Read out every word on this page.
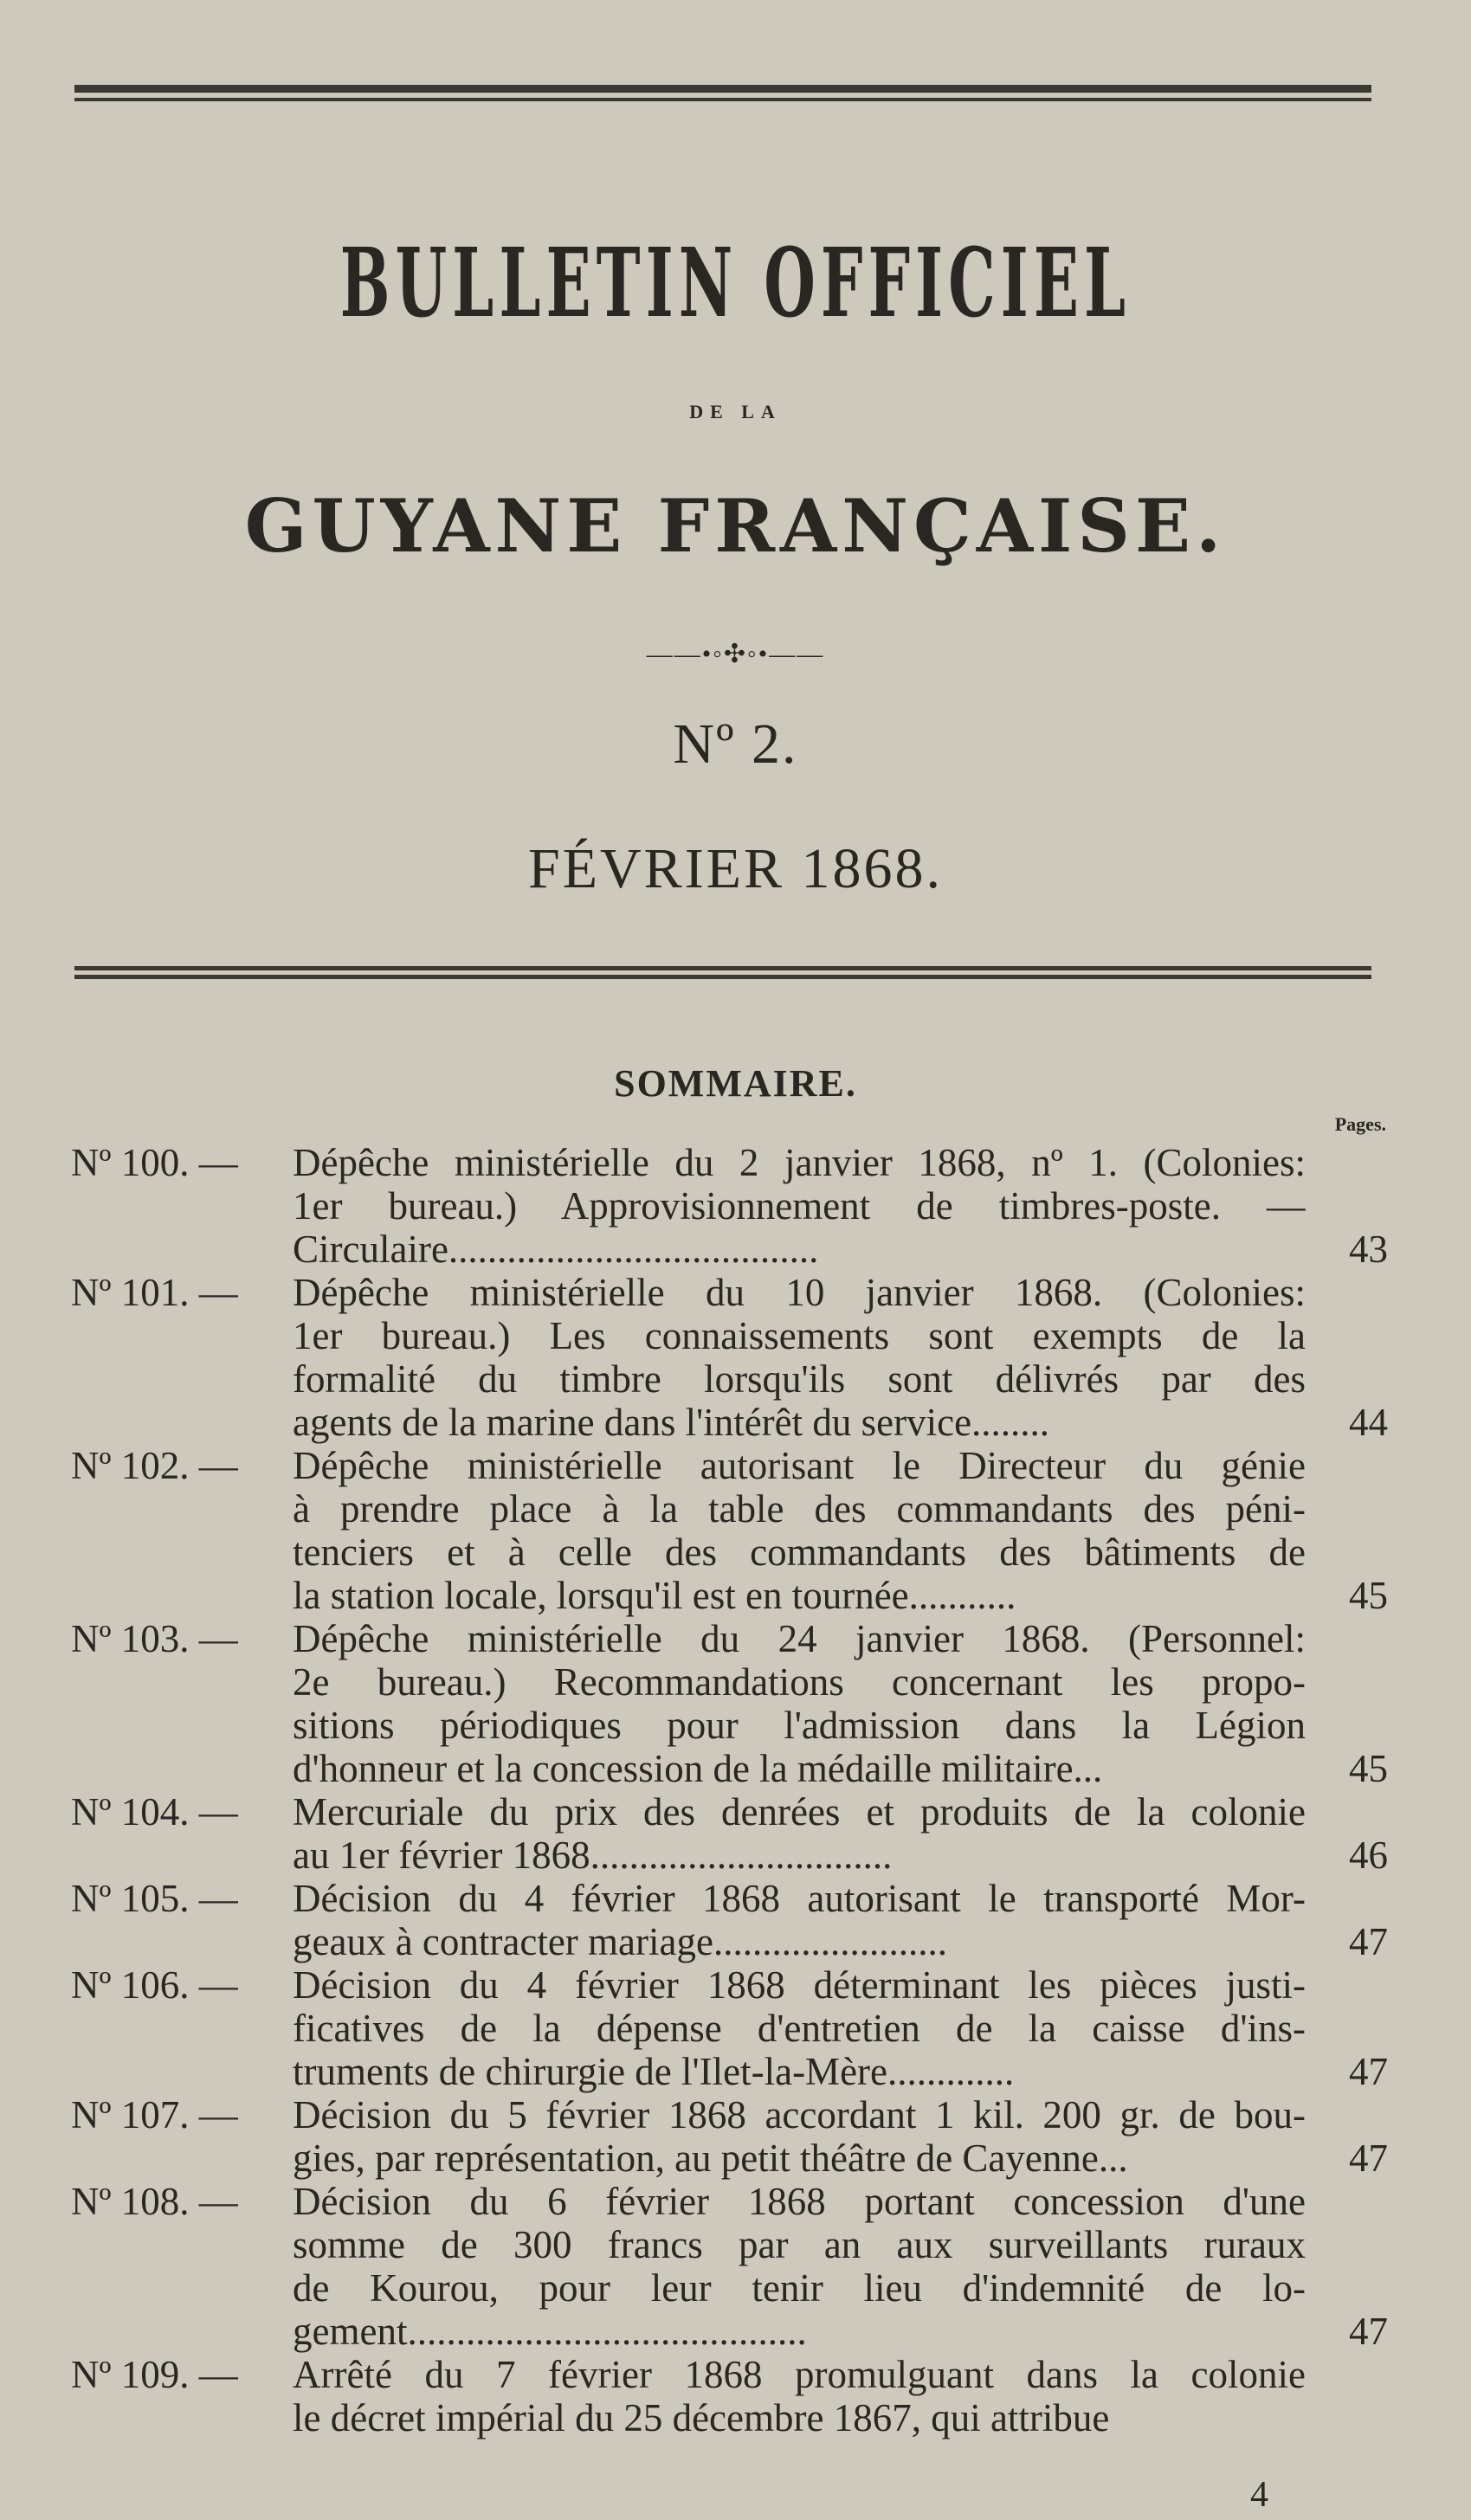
BULLETIN OFFICIEL
DE LA
GUYANE FRANÇAISE.
——•◦✣◦•——
Nº 2.
FÉVRIER 1868.
SOMMAIRE.
Pages.
Nº 100. —	Dépêche ministérielle du 2 janvier 1868, nº 1. (Colonies:
1er bureau.) Approvisionnement de timbres-poste. —
Circulaire......................................	43
Nº 101. —	Dépêche ministérielle du 10 janvier 1868. (Colonies:
1er bureau.) Les connaissements sont exempts de la
formalité du timbre lorsqu'ils sont délivrés par des
agents de la marine dans l'intérêt du service........	44
Nº 102. —	Dépêche ministérielle autorisant le Directeur du génie
à prendre place à la table des commandants des péni-
tenciers et à celle des commandants des bâtiments de
la station locale, lorsqu'il est en tournée...........	45
Nº 103. —	Dépêche ministérielle du 24 janvier 1868. (Personnel:
2e bureau.) Recommandations concernant les propo-
sitions périodiques pour l'admission dans la Légion
d'honneur et la concession de la médaille militaire...	45
Nº 104. —	Mercuriale du prix des denrées et produits de la colonie
au 1er février 1868...............................	46
Nº 105. —	Décision du 4 février 1868 autorisant le transporté Mor-
geaux à contracter mariage........................	47
Nº 106. —	Décision du 4 février 1868 déterminant les pièces justi-
ficatives de la dépense d'entretien de la caisse d'ins-
truments de chirurgie de l'Ilet-la-Mère.............	47
Nº 107. —	Décision du 5 février 1868 accordant 1 kil. 200 gr. de bou-
gies, par représentation, au petit théâtre de Cayenne...	47
Nº 108. —	Décision du 6 février 1868 portant concession d'une
somme de 300 francs par an aux surveillants ruraux
de Kourou, pour leur tenir lieu d'indemnité de lo-
gement.........................................	47
Nº 109. —	Arrêté du 7 février 1868 promulguant dans la colonie
le décret impérial du 25 décembre 1867, qui attribue
4
